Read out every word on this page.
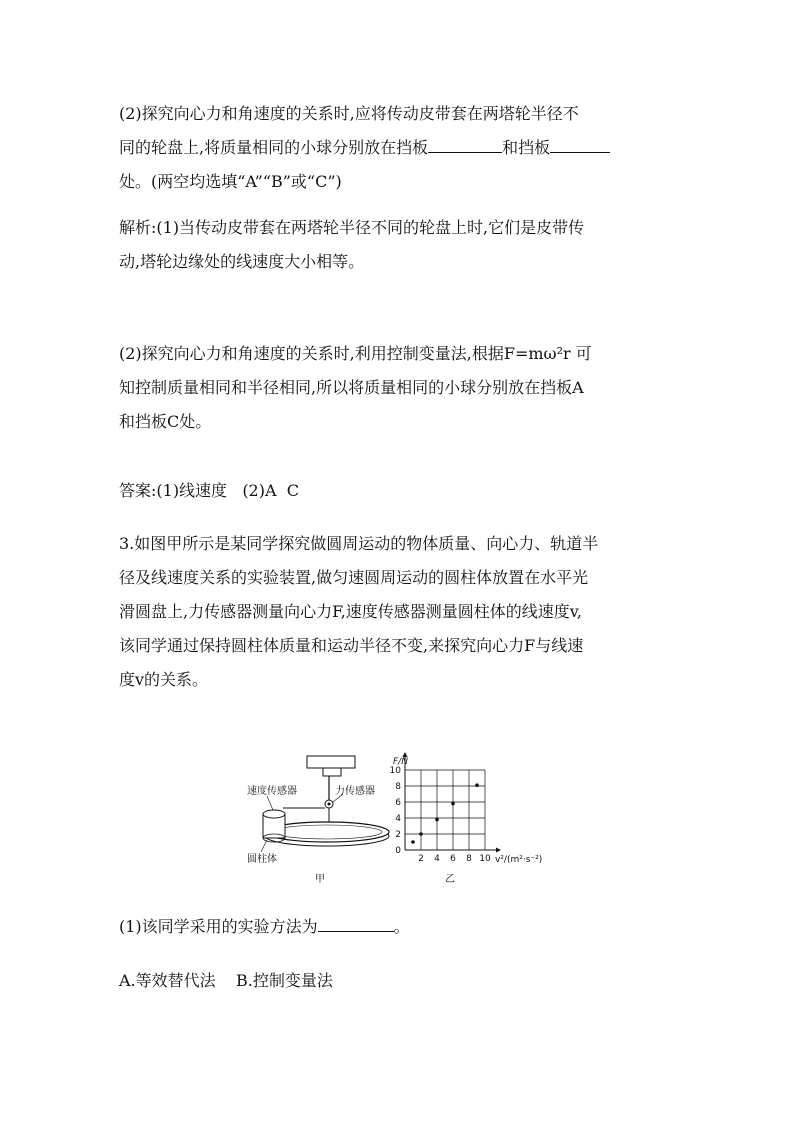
(2)探究向心力和角速度的关系时,应将传动皮带套在两塔轮半径不
同的轮盘上,将质量相同的小球分别放在挡板	和挡板
处。(两空均选填“A”“B”或“C”)
解析:(1)当传动皮带套在两塔轮半径不同的轮盘上时,它们是皮带传
动,塔轮边缘处的线速度大小相等。
(2)探究向心力和角速度的关系时,利用控制变量法,根据F=mω²r 可
知控制质量相同和半径相同,所以将质量相同的小球分别放在挡板A
和挡板C处。
答案:(1)线速度   (2)A  C
3.如图甲所示是某同学探究做圆周运动的物体质量、向心力、轨道半
径及线速度关系的实验装置,做匀速圆周运动的圆柱体放置在水平光
滑圆盘上,力传感器测量向心力F,速度传感器测量圆柱体的线速度v,
该同学通过保持圆柱体质量和运动半径不变,来探究向心力F与线速
度v的关系。
速度传感器	力传感器
圆柱体
甲
2 4 6 8 10
0
2
4
6
8
10
F/N
v²/(m²·s⁻²)
乙
(1)该同学采用的实验方法为	。
A.等效替代法    B.控制变量法
